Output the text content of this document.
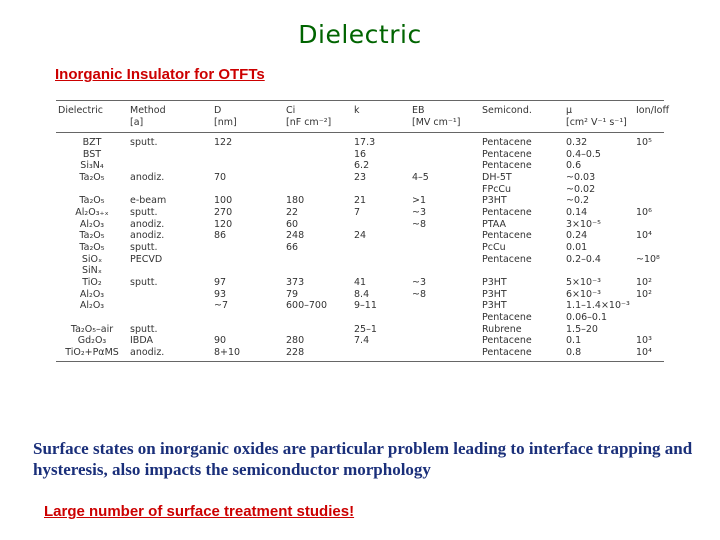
Dielectric
Inorganic Insulator for OTFTs
Dielectric	Method	D	Ci	k	EB	Semicond.	μ	Ion/Ioff
	[a]	[nm]	[nF cm⁻²]		[MV cm⁻¹]		[cm² V⁻¹ s⁻¹]	
BZT	sputt.	122		17.3		Pentacene	0.32	10⁵
BST				16		Pentacene	0.4–0.5	
Si₃N₄				6.2		Pentacene	0.6	
Ta₂O₅	anodiz.	70		23	4–5	DH-5T	~0.03	
						FPcCu	~0.02	
Ta₂O₅	e-beam	100	180	21	>1	P3HT	~0.2	
Al₂O₃₊ₓ	sputt.	270	22	7	~3	Pentacene	0.14	10⁶
Al₂O₃	anodiz.	120	60		~8	PTAA	3×10⁻⁵	
Ta₂O₅	anodiz.	86	248	24		Pentacene	0.24	10⁴
Ta₂O₅	sputt.		66			PcCu	0.01	
SiOₓ	PECVD					Pentacene	0.2–0.4	~10⁸
SiNₓ								
TiO₂	sputt.	97	373	41	~3	P3HT	5×10⁻³	10²
Al₂O₃		93	79	8.4	~8	P3HT	6×10⁻³	10²
Al₂O₃		~7	600–700	9–11		P3HT	1.1–1.4×10⁻³	
						Pentacene	0.06–0.1	
Ta₂O₅–air	sputt.			25–1		Rubrene	1.5–20	
Gd₂O₃	IBDA	90	280	7.4		Pentacene	0.1	10³
TiO₂+PαMS	anodiz.	8+10	228			Pentacene	0.8	10⁴
Surface states on inorganic oxides are particular problem leading to interface trapping and hysteresis, also impacts the semiconductor morphology
Large number of surface treatment studies!
